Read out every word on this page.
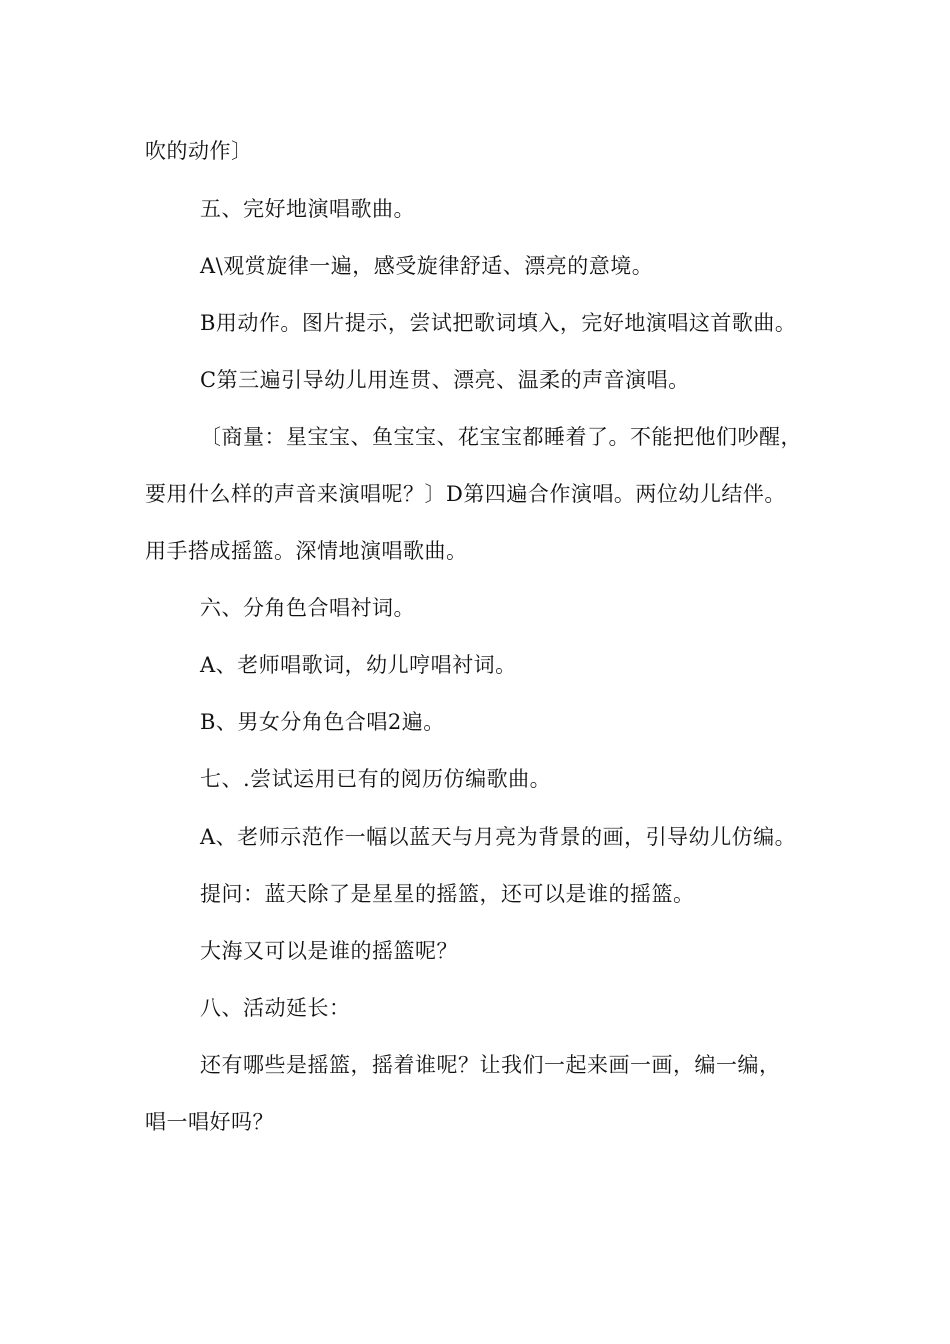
吹的动作〕
五、完好地演唱歌曲。
A\观赏旋律一遍，感受旋律舒适、漂亮的意境。
B用动作。图片提示，尝试把歌词填入，完好地演唱这首歌曲。
C第三遍引导幼儿用连贯、漂亮、温柔的声音演唱。
〔商量：星宝宝、鱼宝宝、花宝宝都睡着了。不能把他们吵醒，
要用什么样的声音来演唱呢？〕D第四遍合作演唱。两位幼儿结伴。
用手搭成摇篮。深情地演唱歌曲。
六、分角色合唱衬词。
A、老师唱歌词，幼儿哼唱衬词。
B、男女分角色合唱2遍。
七、.尝试运用已有的阅历仿编歌曲。
A、老师示范作一幅以蓝天与月亮为背景的画，引导幼儿仿编。
提问：蓝天除了是星星的摇篮，还可以是谁的摇篮。
大海又可以是谁的摇篮呢？
八、活动延长：
还有哪些是摇篮，摇着谁呢？让我们一起来画一画，编一编，
唱一唱好吗？
